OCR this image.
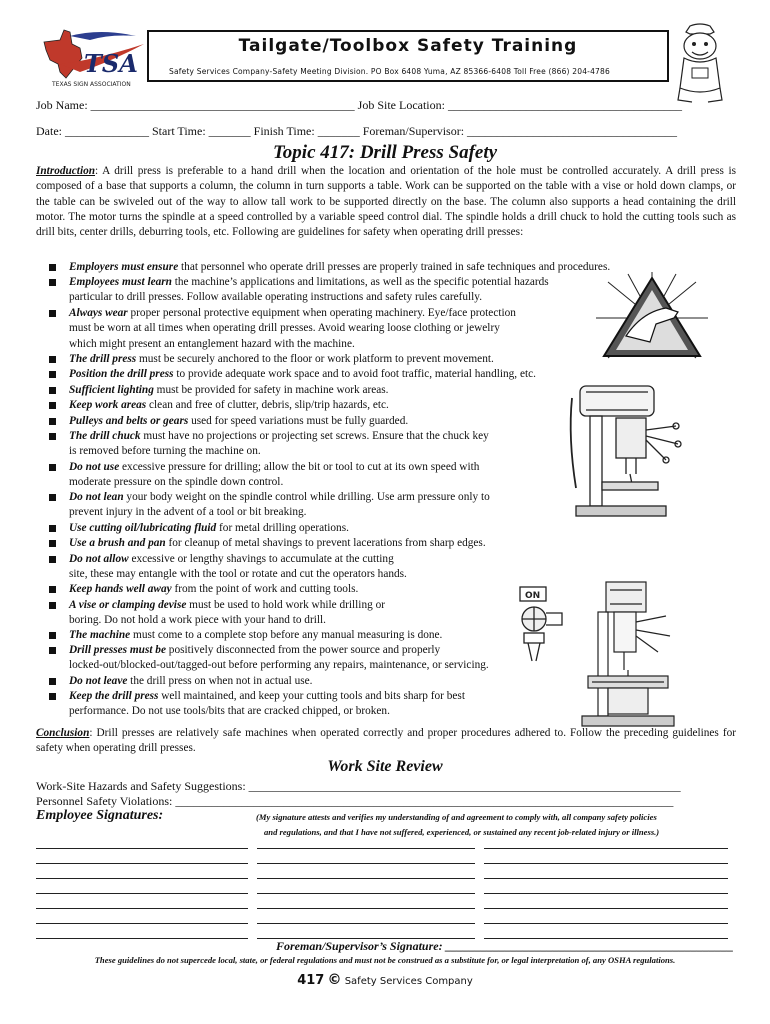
TSA
TEXAS SIGN ASSOCIATION
Tailgate/Toolbox Safety Training
Safety Services Company-Safety Meeting Division. PO Box 6408 Yuma, AZ 85366-6408 Toll Free (866) 204-4786
Job Name: ____________________________________________ Job Site Location: _______________________________________
Date: ______________ Start Time: _______ Finish Time: _______ Foreman/Supervisor: ___________________________________
Topic 417: Drill Press Safety

Introduction: A drill press is preferable to a hand drill when the location and orientation of the hole must be controlled accurately. A drill press is composed of a base that supports a column, the column in turn supports a table. Work can be supported on the table with a vise or hold down clamps, or the table can be swiveled out of the way to allow tall work to be supported directly on the base. The column also supports a head containing the drill motor. The motor turns the spindle at a speed controlled by a variable speed control dial. The spindle holds a drill chuck to hold the cutting tools such as drill bits, center drills, deburring tools, etc. Following are guidelines for safety when operating drill presses:

Employers must ensure that personnel who operate drill presses are properly trained in safe techniques and procedures.
Employees must learn the machine’s applications and limitations, as well as the specific potential hazards
particular to drill presses. Follow available operating instructions and safety rules carefully.
Always wear proper personal protective equipment when operating machinery. Eye/face protection
must be worn at all times when operating drill presses. Avoid wearing loose clothing or jewelry
which might present an entanglement hazard with the machine.
The drill press must be securely anchored to the floor or work platform to prevent movement.
Position the drill press to provide adequate work space and to avoid foot traffic, material handling, etc.
Sufficient lighting must be provided for safety in machine work areas.
Keep work areas clean and free of clutter, debris, slip/trip hazards, etc.
Pulleys and belts or gears used for speed variations must be fully guarded.
The drill chuck must have no projections or projecting set screws. Ensure that the chuck key
is removed before turning the machine on.
Do not use excessive pressure for drilling; allow the bit or tool to cut at its own speed with
moderate pressure on the spindle down control.
Do not lean your body weight on the spindle control while drilling. Use arm pressure only to
prevent injury in the advent of a tool or bit breaking.
Use cutting oil/lubricating fluid for metal drilling operations.
Use a brush and pan for cleanup of metal shavings to prevent lacerations from sharp edges.
Do not allow excessive or lengthy shavings to accumulate at the cutting
site, these may entangle with the tool or rotate and cut the operators hands.
Keep hands well away from the point of work and cutting tools.
A vise or clamping devise must be used to hold work while drilling or
boring. Do not hold a work piece with your hand to drill.
The machine must come to a complete stop before any manual measuring is done.
Drill presses must be positively disconnected from the power source and properly
locked-out/blocked-out/tagged-out before performing any repairs, maintenance, or servicing.
Do not leave the drill press on when not in actual use.
Keep the drill press well maintained, and keep your cutting tools and bits sharp for best
performance. Do not use tools/bits that are cracked chipped, or broken.
ON

Conclusion: Drill presses are relatively safe machines when operated correctly and proper procedures adhered to. Follow the preceding guidelines for safety when operating drill presses.

Work Site Review
Work-Site Hazards and Safety Suggestions: ________________________________________________________________________
Personnel Safety Violations: ___________________________________________________________________________________
Employee Signatures:	(My signature attests and verifies my understanding of and agreement to comply with, all company safety policies
and regulations, and that I have not suffered, experienced, or sustained any recent job-related injury or illness.)
Foreman/Supervisor’s Signature: ________________________________________________
These guidelines do not supercede local, state, or federal regulations and must not be construed as a substitute for, or legal interpretation of, any OSHA regulations.
417 © Safety Services Company
